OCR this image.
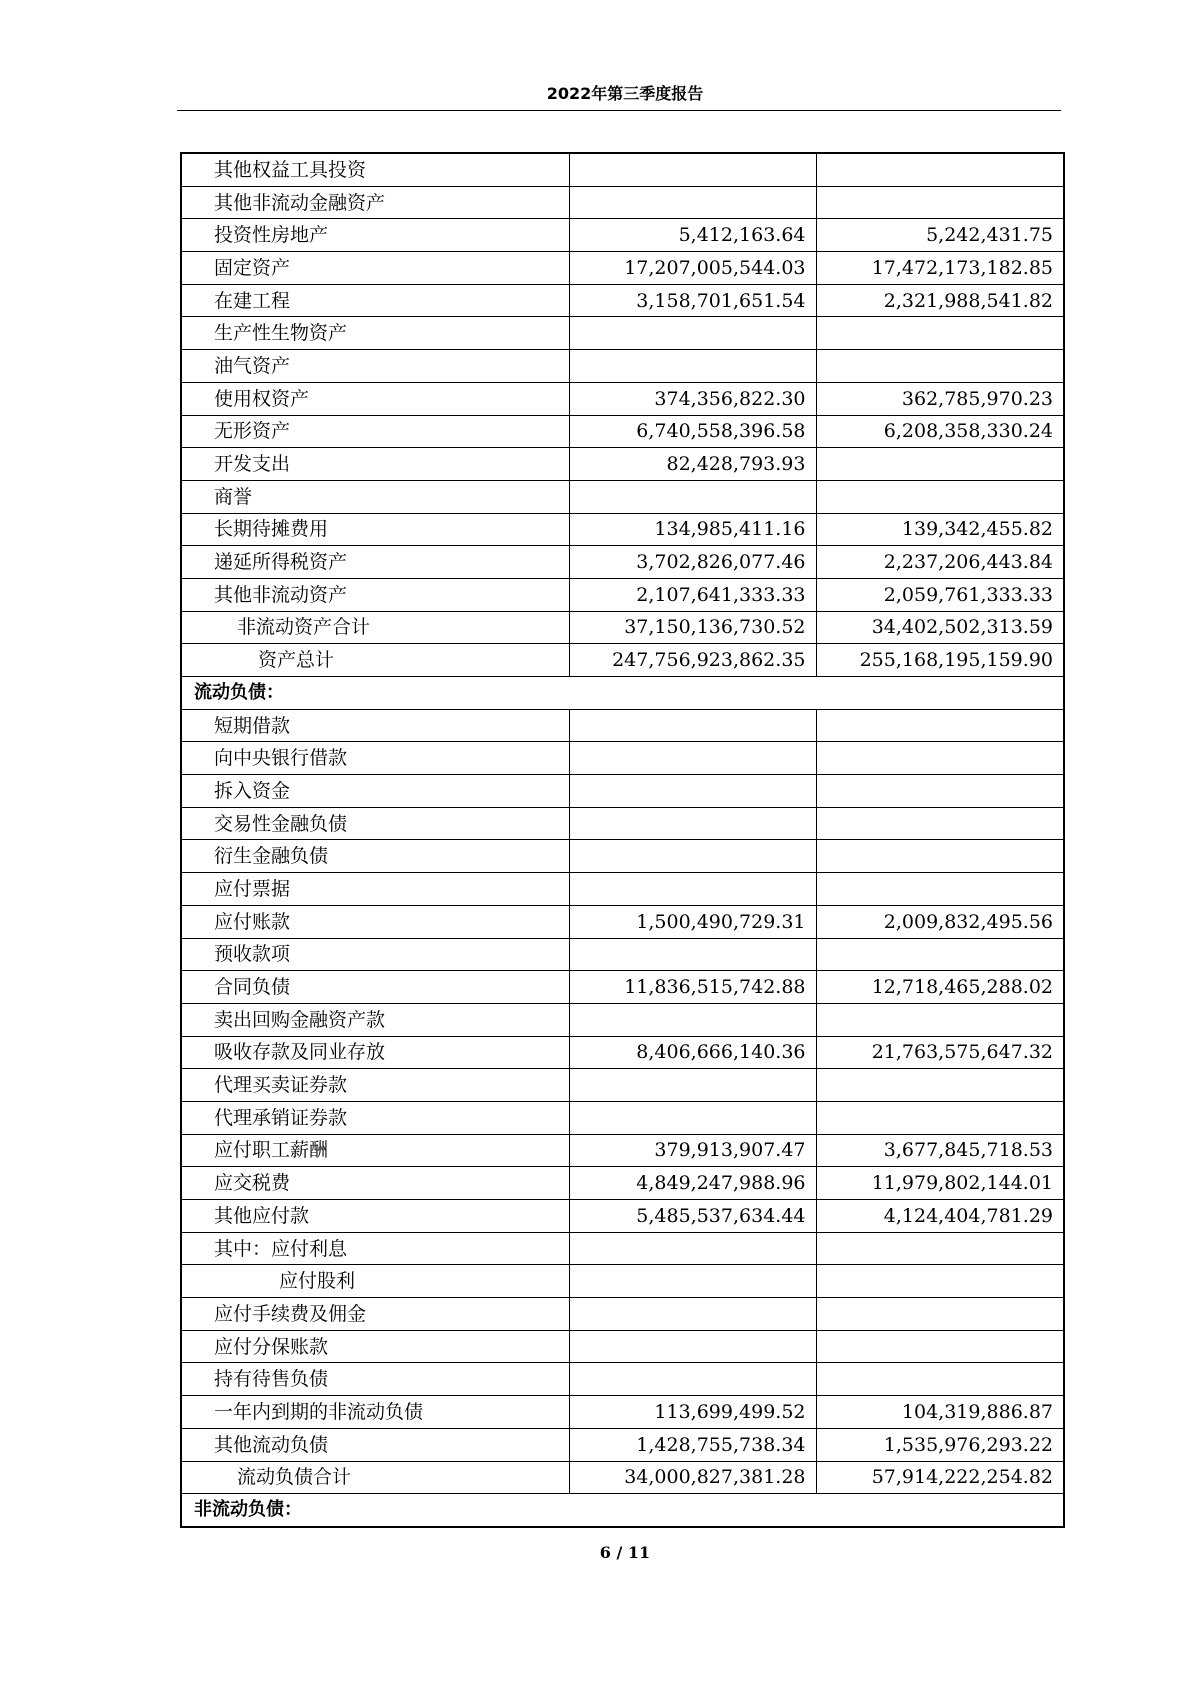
2022年第三季度报告
其他权益工具投资		
其他非流动金融资产		
投资性房地产	5,412,163.64	5,242,431.75
固定资产	17,207,005,544.03	17,472,173,182.85
在建工程	3,158,701,651.54	2,321,988,541.82
生产性生物资产		
油气资产		
使用权资产	374,356,822.30	362,785,970.23
无形资产	6,740,558,396.58	6,208,358,330.24
开发支出	82,428,793.93	
商誉		
长期待摊费用	134,985,411.16	139,342,455.82
递延所得税资产	3,702,826,077.46	2,237,206,443.84
其他非流动资产	2,107,641,333.33	2,059,761,333.33
非流动资产合计	37,150,136,730.52	34,402,502,313.59
资产总计	247,756,923,862.35	255,168,195,159.90
流动负债：		
短期借款		
向中央银行借款		
拆入资金		
交易性金融负债		
衍生金融负债		
应付票据		
应付账款	1,500,490,729.31	2,009,832,495.56
预收款项		
合同负债	11,836,515,742.88	12,718,465,288.02
卖出回购金融资产款		
吸收存款及同业存放	8,406,666,140.36	21,763,575,647.32
代理买卖证券款		
代理承销证券款		
应付职工薪酬	379,913,907.47	3,677,845,718.53
应交税费	4,849,247,988.96	11,979,802,144.01
其他应付款	5,485,537,634.44	4,124,404,781.29
其中：应付利息		
应付股利		
应付手续费及佣金		
应付分保账款		
持有待售负债		
一年内到期的非流动负债	113,699,499.52	104,319,886.87
其他流动负债	1,428,755,738.34	1,535,976,293.22
流动负债合计	34,000,827,381.28	57,914,222,254.82
非流动负债：		
6 / 11
